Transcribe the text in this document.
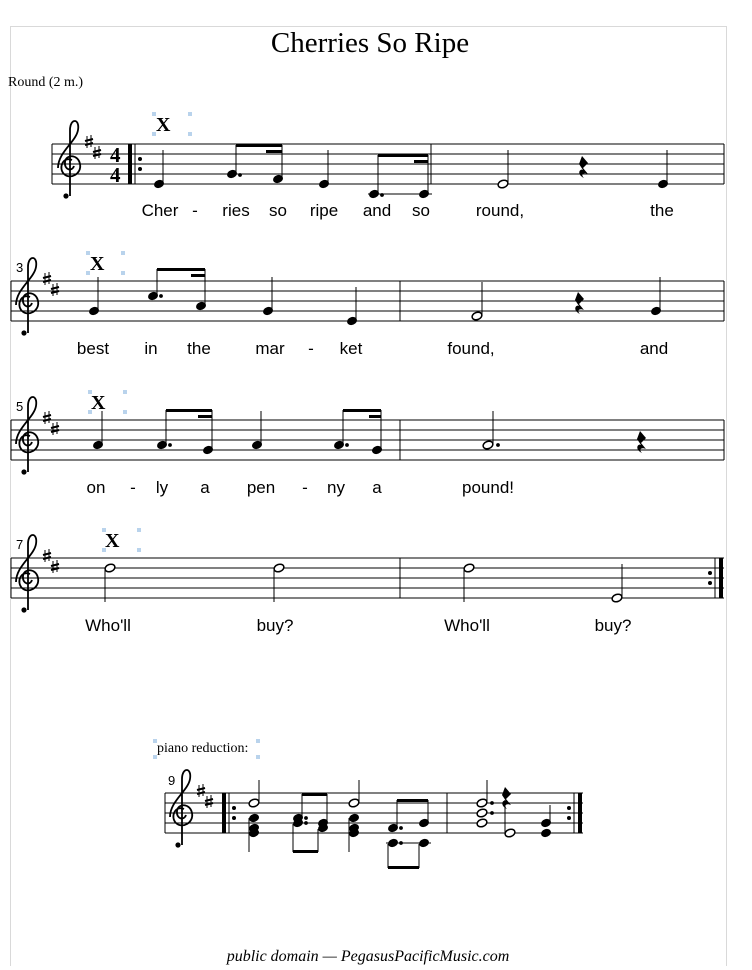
Cherries So Ripe
Round (2 m.)
4
4
X
Cher - ries so ripe and so	round,	the
3	X
best in the	mar - ket	found,	and
5	X
on - ly a pen - ny a	pound!
7	X
Who'll	buy?	Who'll	buy?
piano reduction:
9
public domain — PegasusPacificMusic.com
